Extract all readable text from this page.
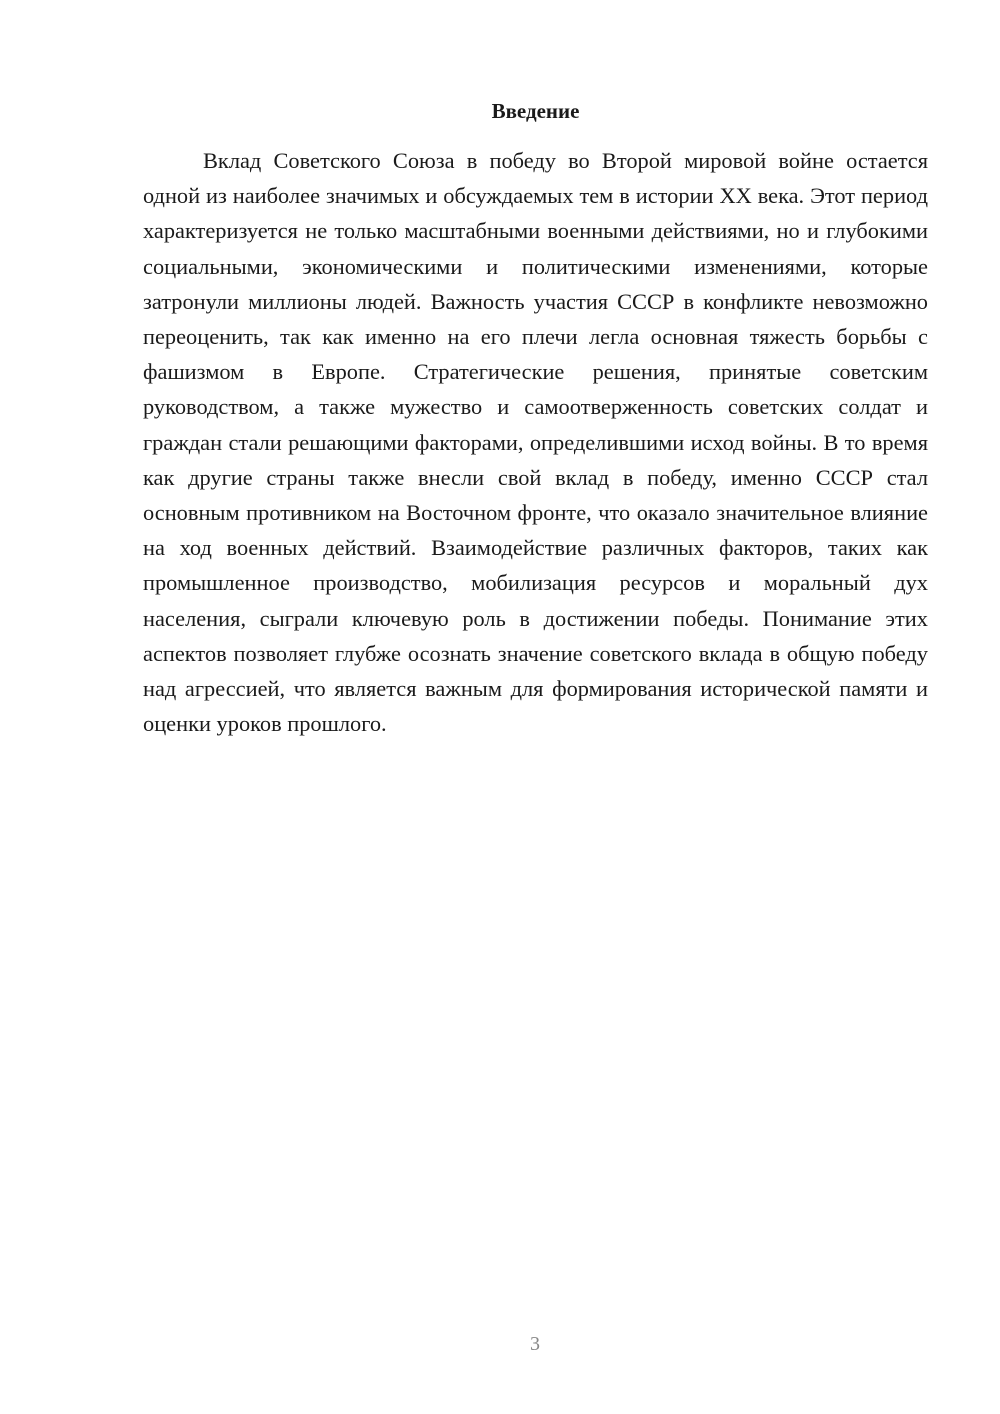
Введение

Вклад Советского Союза в победу во Второй мировой войне остается одной из наиболее значимых и обсуждаемых тем в истории XX века. Этот период характеризуется не только масштабными военными действиями, но и глубокими социальными, экономическими и политическими изменениями, которые затронули миллионы людей. Важность участия СССР в конфликте невозможно переоценить, так как именно на его плечи легла основная тяжесть борьбы с фашизмом в Европе. Стратегические решения, принятые советским руководством, а также мужество и самоотверженность советских солдат и граждан стали решающими факторами, определившими исход войны. В то время как другие страны также внесли свой вклад в победу, именно СССР стал основным противником на Восточном фронте, что оказало значительное влияние на ход военных действий. Взаимодействие различных факторов, таких как промышленное производство, мобилизация ресурсов и моральный дух населения, сыграли ключевую роль в достижении победы. Понимание этих аспектов позволяет глубже осознать значение советского вклада в общую победу над агрессией, что является важным для формирования исторической памяти и оценки уроков прошлого.

3
